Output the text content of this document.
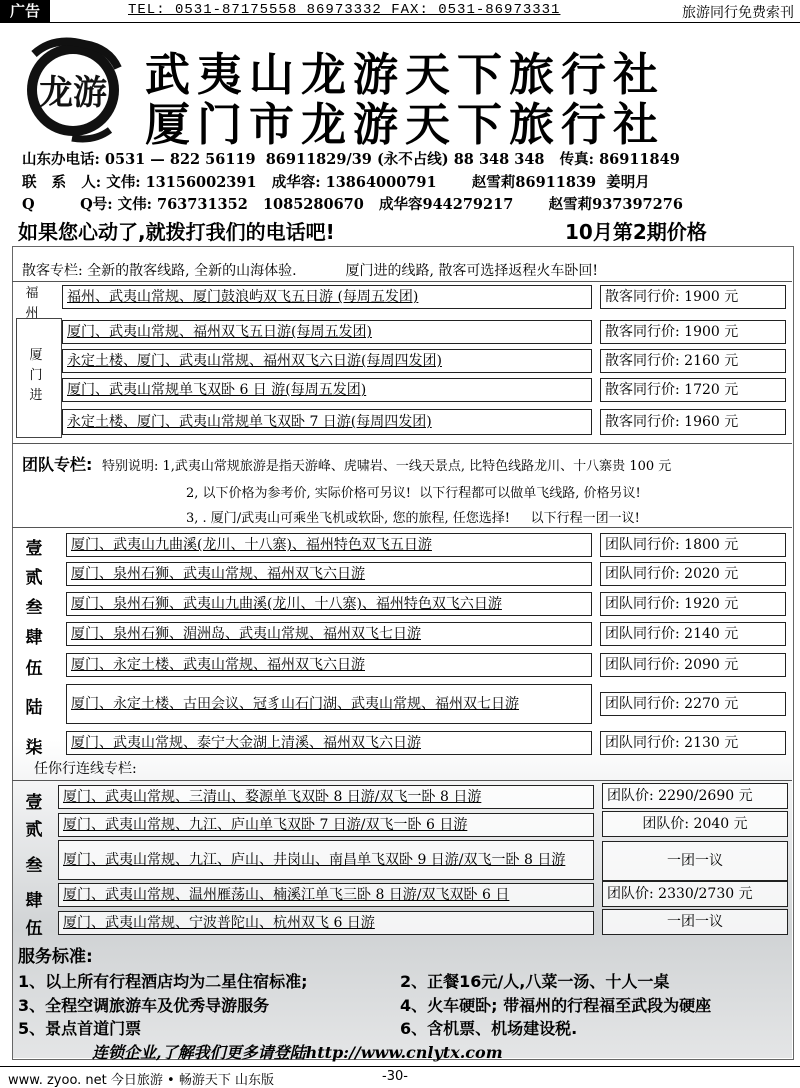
广告	TEL: 0531-87175558 86973332 FAX: 0531-86973331	旅游同行免费索刊
龙游 武夷山龙游天下旅行社
厦门市龙游天下旅行社
山东办电话: 0531 — 822 56119  86911829/39 (永不占线) 88 348 348   传真: 86911849
联   系   人: 文伟: 13156002391   成华容: 13864000791       赵雪莉86911839  姜明月
Q         Q号: 文伟: 763731352   1085280670   成华容944279217       赵雪莉937397276
如果您心动了,就拨打我们的电话吧!	10月第2期价格
散客专栏: 全新的散客线路, 全新的山海体验.           厦门进的线路, 散客可选择返程火车卧回!
福州
福州、武夷山常规、厦门鼓浪屿双飞五日游 (每周五发团)	散客同行价: 1900 元
厦门进
厦门、武夷山常规、福州双飞五日游(每周五发团)	散客同行价: 1900 元
永定土楼、厦门、武夷山常规、福州双飞六日游(每周四发团)	散客同行价: 2160 元
厦门、武夷山常规单飞双卧 6 日 游(每周五发团)	散客同行价: 1720 元
永定土楼、厦门、武夷山常规单飞双卧 7 日游(每周四发团)	散客同行价: 1960 元
团队专栏: 特别说明: 1,武夷山常规旅游是指天游峰、虎啸岩、一线天景点, 比特色线路龙川、十八寨贵 100 元
2, 以下价格为参考价, 实际价格可另议!  以下行程都可以做单飞线路, 价格另议!
3, . 厦门/武夷山可乘坐飞机或软卧, 您的旅程, 任您选择!     以下行程一团一议!
壹	厦门、武夷山九曲溪(龙川、十八寨)、福州特色双飞五日游	团队同行价: 1800 元
贰	厦门、泉州石狮、武夷山常规、福州双飞六日游	团队同行价: 2020 元
叁	厦门、泉州石狮、武夷山九曲溪(龙川、十八寨)、福州特色双飞六日游	团队同行价: 1920 元
肆	厦门、泉州石狮、湄洲岛、武夷山常规、福州双飞七日游	团队同行价: 2140 元
伍	厦门、永定土楼、武夷山常规、福州双飞六日游	团队同行价: 2090 元
陆	厦门、永定土楼、古田会议、冠豸山石门湖、武夷山常规、福州双七日游	团队同行价: 2270 元
柒	厦门、武夷山常规、泰宁大金湖上清溪、福州双飞六日游	团队同行价: 2130 元
任你行连线专栏:
壹	厦门、武夷山常规、三清山、婺源单飞双卧 8 日游/双飞一卧 8 日游	团队价: 2290/2690 元
贰	厦门、武夷山常规、九江、庐山单飞双卧 7 日游/双飞一卧 6 日游	团队价: 2040 元
叁	厦门、武夷山常规、九江、庐山、井岗山、南昌单飞双卧 9 日游/双飞一卧 8 日游	一团一议
肆	厦门、武夷山常规、温州雁荡山、楠溪江单飞三卧 8 日游/双飞双卧 6 日	团队价: 2330/2730 元
伍	厦门、武夷山常规、宁波普陀山、杭州双飞 6 日游	一团一议
服务标准:
1、以上所有行程酒店均为二星住宿标准;	2、正餐16元/人,八菜一汤、十人一桌
3、全程空调旅游车及优秀导游服务	4、火车硬卧; 带福州的行程福至武段为硬座
5、景点首道门票	6、含机票、机场建设税.
连锁企业,了解我们更多请登陆http://www.cnlytx.com
www. zyoo. net 今日旅游 • 畅游天下 山东版	-30-
